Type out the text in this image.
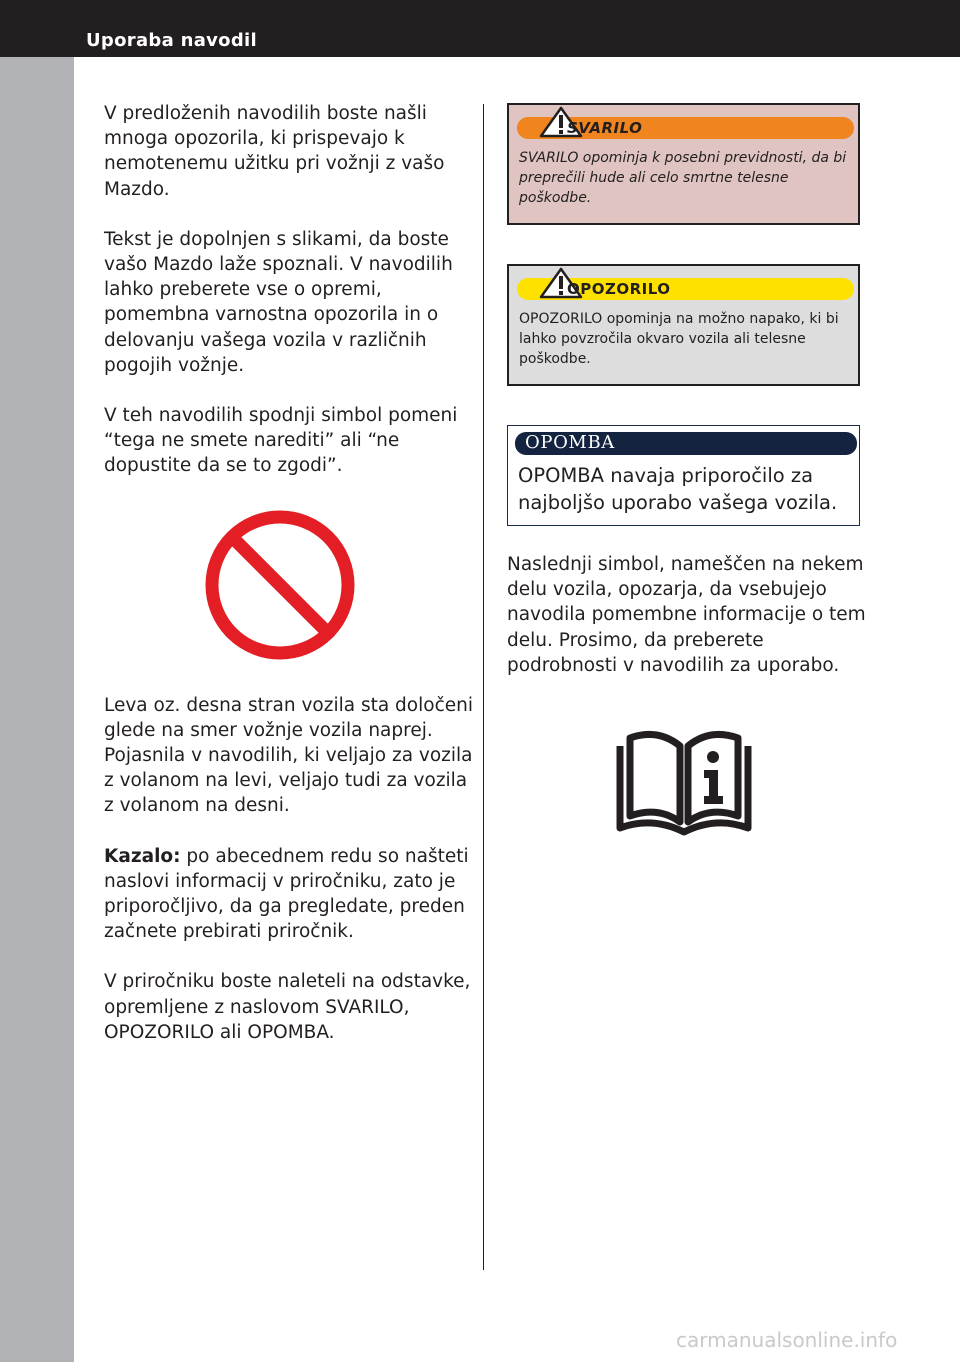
Uporaba navodil

V predloženih navodilih boste našli mnoga opozorila, ki prispevajo k nemotenemu užitku pri vožnji z vašo Mazdo.

Tekst je dopolnjen s slikami, da boste vašo Mazdo laže spoznali. V navodilih lahko preberete vse o opremi, pomembna varnostna opozorila in o delovanju vašega vozila v različnih pogojih vožnje.

V teh navodilih spodnji simbol pomeni “tega ne smete narediti” ali “ne dopustite da se to zgodi”.

Leva oz. desna stran vozila sta določeni glede na smer vožnje vozila naprej. Pojasnila v navodilih, ki veljajo za vozila z volanom na levi, veljajo tudi za vozila z volanom na desni.

Kazalo: po abecednem redu so našteti naslovi informacij v priročniku, zato je priporočljivo, da ga pregledate, preden začnete prebirati priročnik.

V priročniku boste naleteli na odstavke, opremljene z naslovom SVARILO, OPOZORILO ali OPOMBA.

SVARILO
SVARILO opominja k posebni previdnosti, da bi preprečili hude ali celo smrtne telesne poškodbe.
OPOZORILO
OPOZORILO opominja na možno napako, ki bi lahko povzročila okvaro vozila ali telesne poškodbe.
OPOMBA
OPOMBA navaja priporočilo za najboljšo uporabo vašega vozila.
Naslednji simbol, nameščen na nekem delu vozila, opozarja, da vsebujejo navodila pomembne informacije o tem delu. Prosimo, da preberete podrobnosti v navodilih za uporabo.
carmanualsonline.info
